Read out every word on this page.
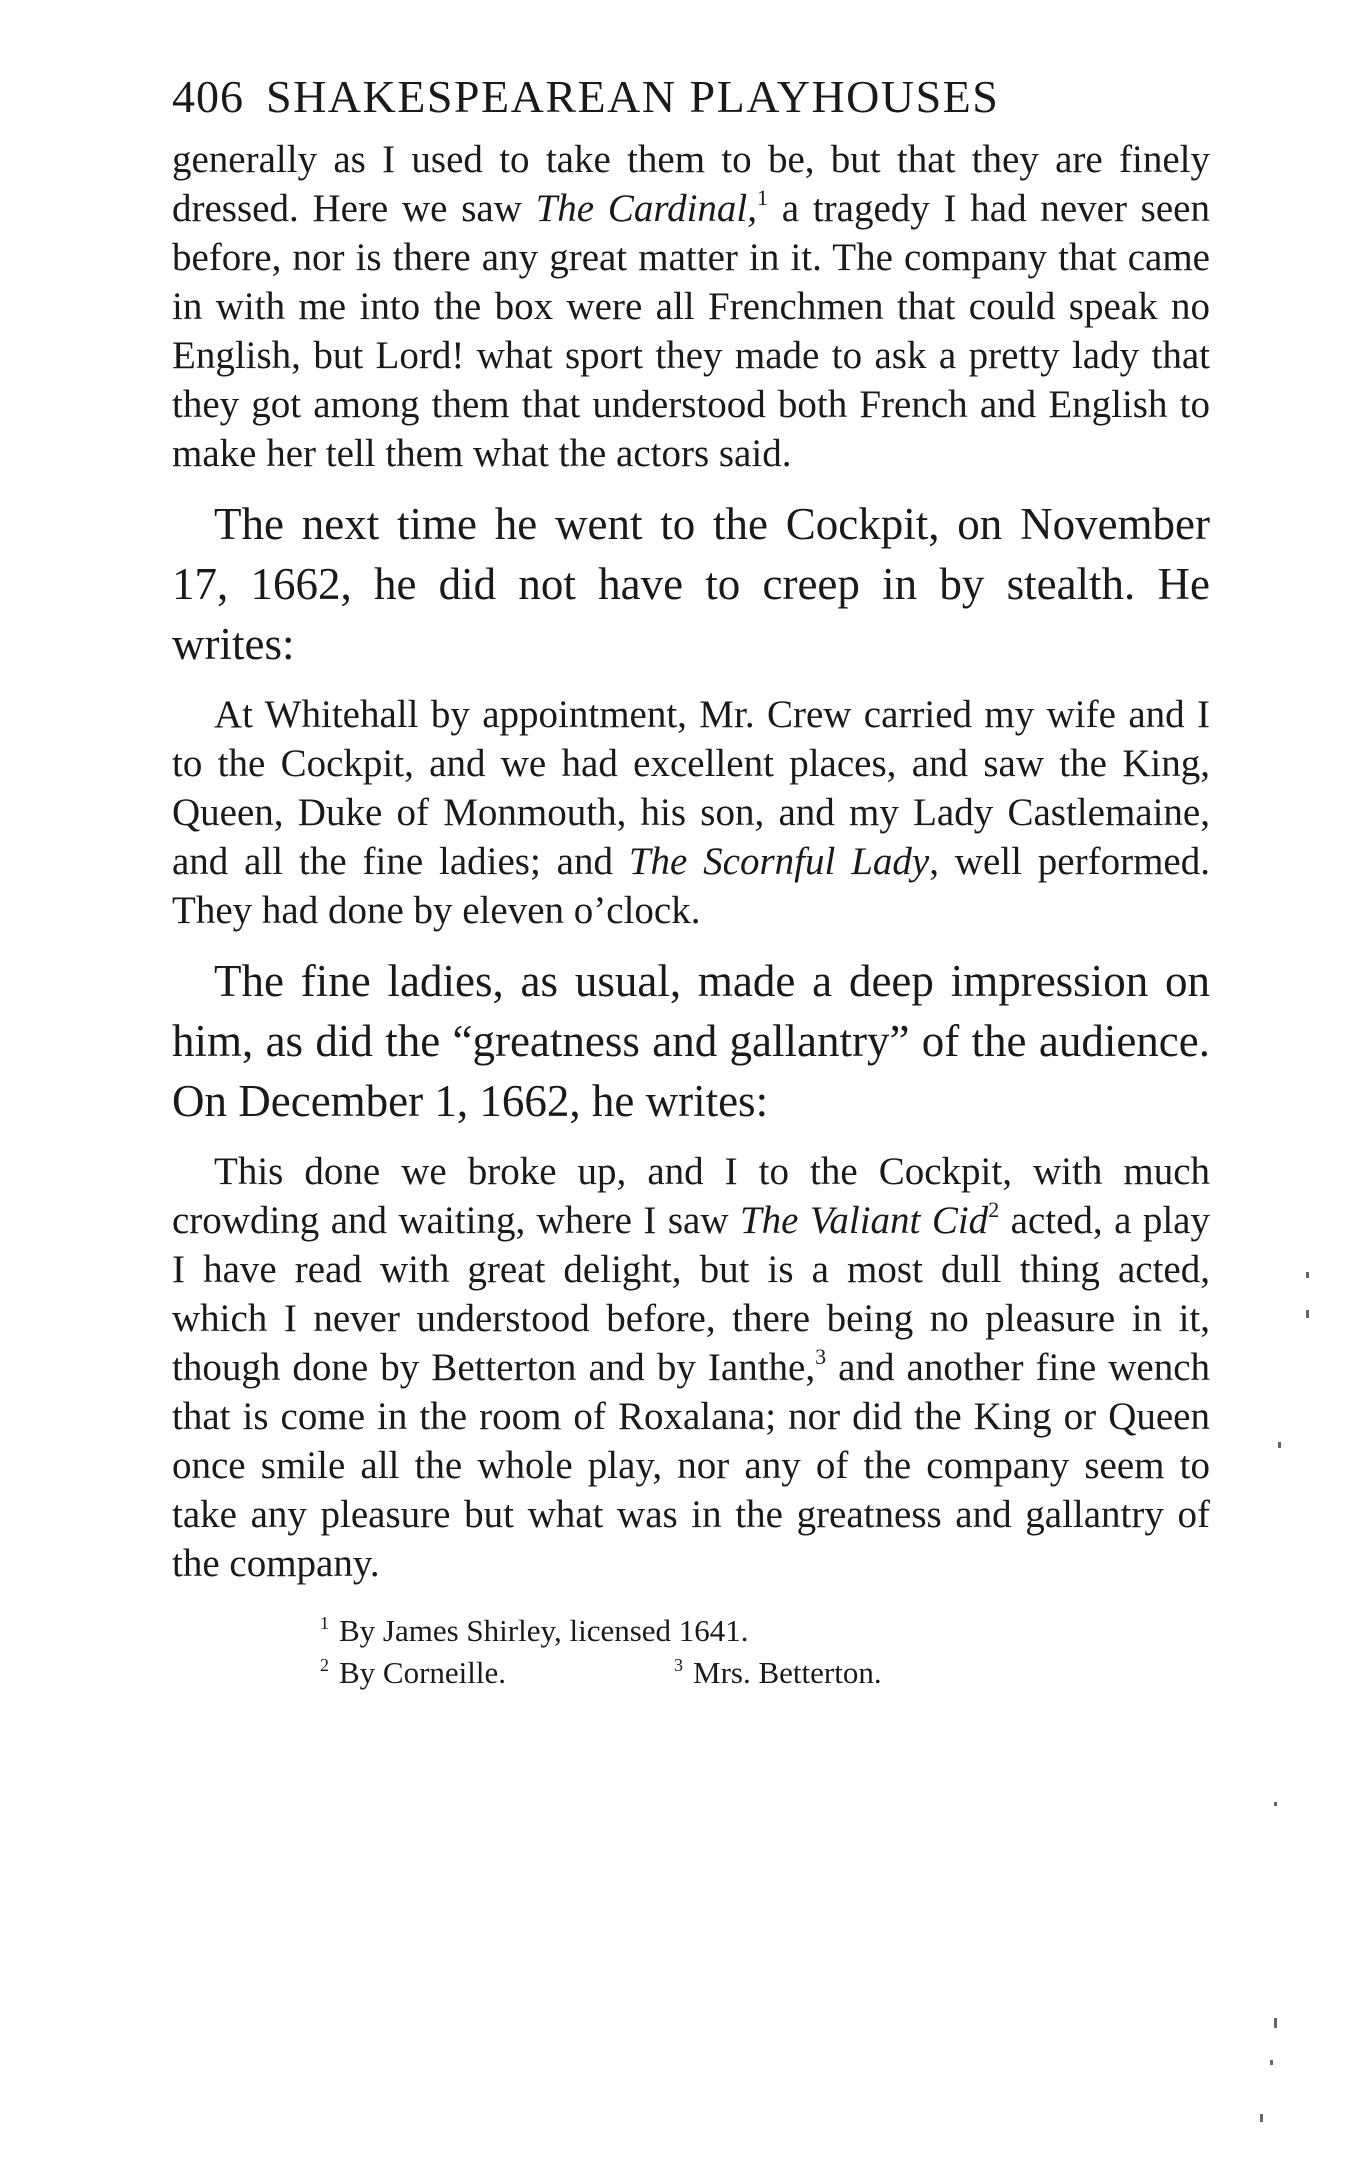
406 SHAKESPEAREAN PLAYHOUSES

generally as I used to take them to be, but that they are finely dressed. Here we saw The Cardinal,$^1$ a tragedy I had never seen before, nor is there any great matter in it. The company that came in with me into the box were all Frenchmen that could speak no English, but Lord! what sport they made to ask a pretty lady that they got among them that understood both French and English to make her tell them what the actors said.

The next time he went to the Cockpit, on November 17, 1662, he did not have to creep in by stealth. He writes:

At Whitehall by appointment, Mr. Crew carried my wife and I to the Cockpit, and we had excellent places, and saw the King, Queen, Duke of Monmouth, his son, and my Lady Castlemaine, and all the fine ladies; and The Scornful Lady, well performed. They had done by eleven o’clock.

The fine ladies, as usual, made a deep impression on him, as did the “greatness and gallantry” of the audience. On December 1, 1662, he writes:

This done we broke up, and I to the Cockpit, with much crowding and waiting, where I saw The Valiant Cid$^2$ acted, a play I have read with great delight, but is a most dull thing acted, which I never understood before, there being no pleasure in it, though done by Betterton and by Ianthe,$^3$ and another fine wench that is come in the room of Roxalana; nor did the King or Queen once smile all the whole play, nor any of the company seem to take any pleasure but what was in the greatness and gallantry of the company.

$^1$ By James Shirley, licensed 1641.
$^2$ By Corneille.	$^3$ Mrs. Betterton.
